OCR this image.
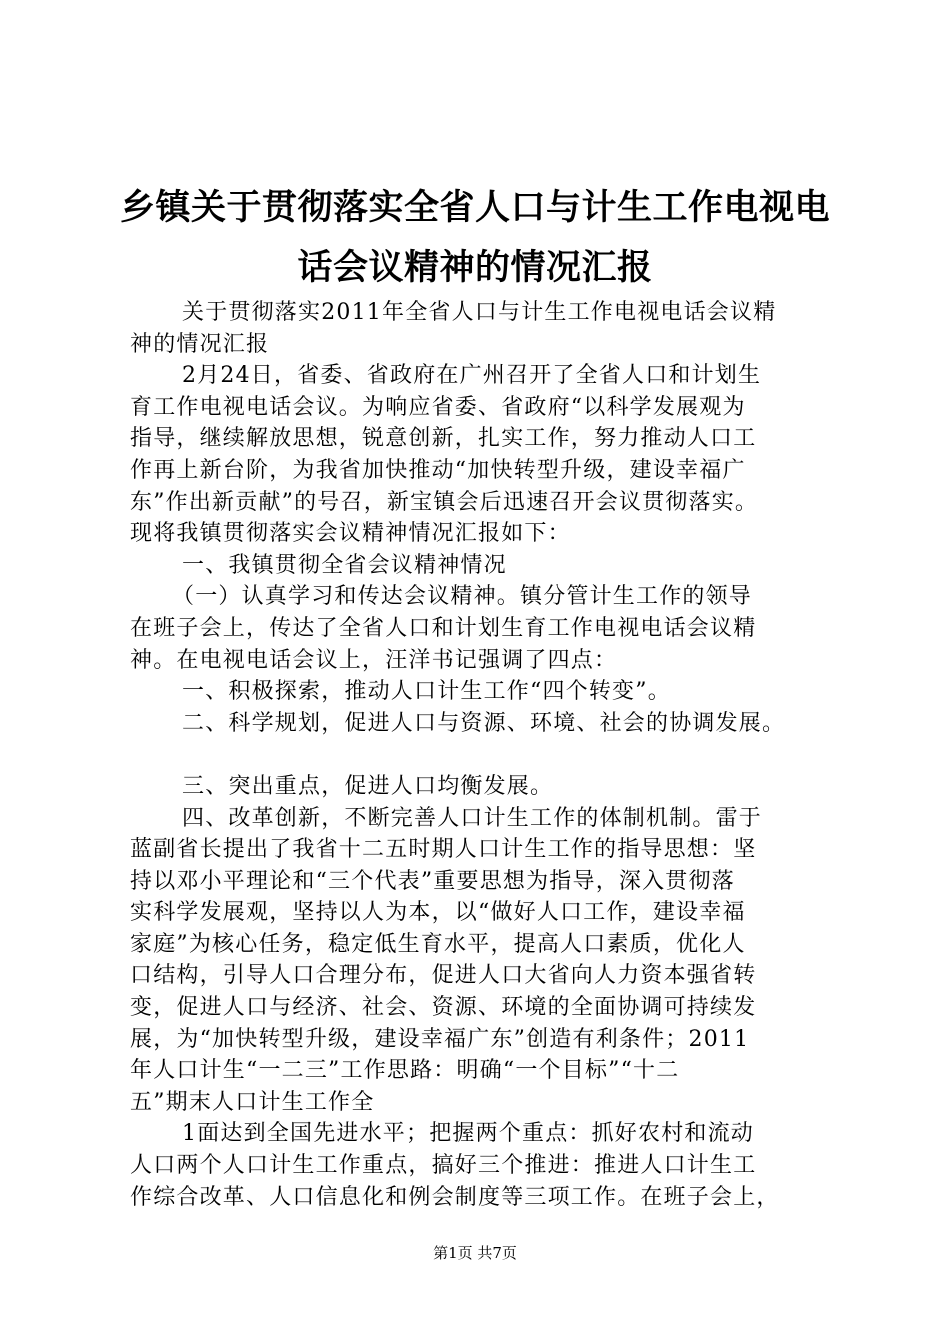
乡镇关于贯彻落实全省人口与计生工作电视电
话会议精神的情况汇报
关于贯彻落实2011年全省人口与计生工作电视电话会议精
神的情况汇报
2月24日，省委、省政府在广州召开了全省人口和计划生
育工作电视电话会议。为响应省委、省政府“以科学发展观为
指导，继续解放思想，锐意创新，扎实工作，努力推动人口工
作再上新台阶，为我省加快推动“加快转型升级，建设幸福广
东”作出新贡献”的号召，新宝镇会后迅速召开会议贯彻落实。
现将我镇贯彻落实会议精神情况汇报如下：
一、我镇贯彻全省会议精神情况
（一）认真学习和传达会议精神。镇分管计生工作的领导
在班子会上，传达了全省人口和计划生育工作电视电话会议精
神。在电视电话会议上，汪洋书记强调了四点：
一、积极探索，推动人口计生工作“四个转变”。
二、科学规划，促进人口与资源、环境、社会的协调发展。
三、突出重点，促进人口均衡发展。
四、改革创新，不断完善人口计生工作的体制机制。雷于
蓝副省长提出了我省十二五时期人口计生工作的指导思想：坚
持以邓小平理论和“三个代表”重要思想为指导，深入贯彻落
实科学发展观，坚持以人为本，以“做好人口工作，建设幸福
家庭”为核心任务，稳定低生育水平，提高人口素质，优化人
口结构，引导人口合理分布，促进人口大省向人力资本强省转
变，促进人口与经济、社会、资源、环境的全面协调可持续发
展，为“加快转型升级，建设幸福广东”创造有利条件；2011
年人口计生“一二三”工作思路：明确“一个目标”“十二
五”期末人口计生工作全
1面达到全国先进水平；把握两个重点：抓好农村和流动
人口两个人口计生工作重点，搞好三个推进：推进人口计生工
作综合改革、人口信息化和例会制度等三项工作。在班子会上，
第1页 共7页
